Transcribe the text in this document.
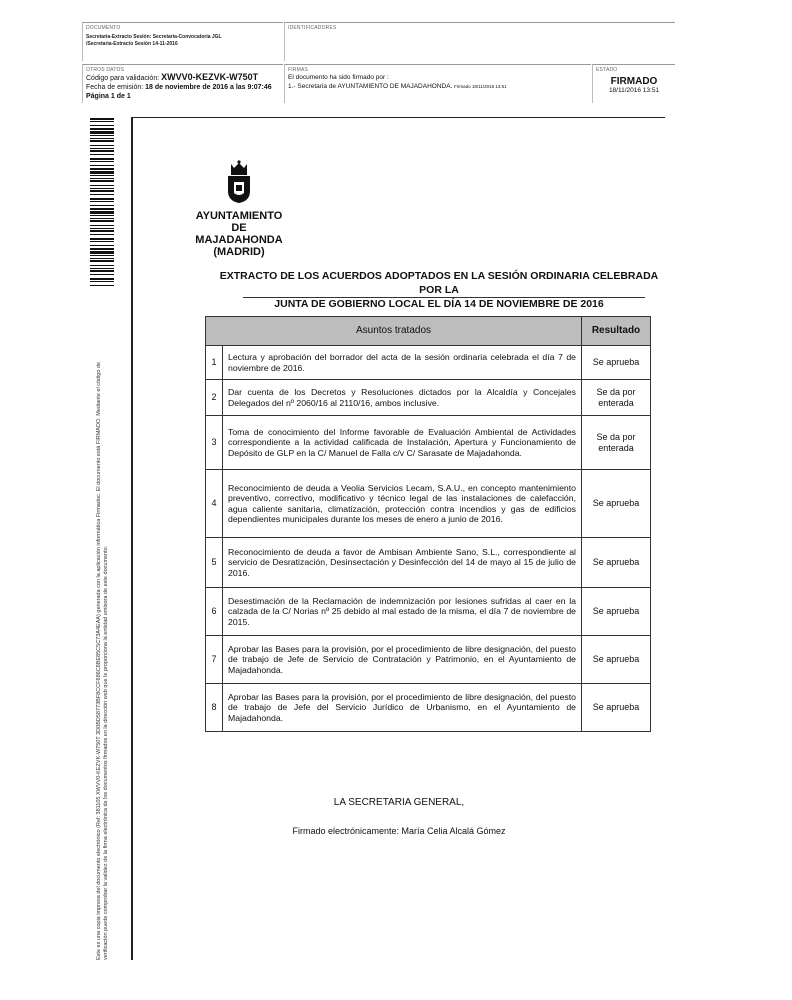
DOCUMENTO
Secretaria-Extracto Sesión: Secretaria-Convocatoria JGL /Secretaria-Extracto Sesión 14-11-2016
IDENTIFICADORES
OTROS DATOS
Código para validación: XWVV0-KEZVK-W750T
Fecha de emisión: 18 de noviembre de 2016 a las 9:07:46
Página 1 de 1
FIRMAS
El documento ha sido firmado por :
1.- Secretaria de AYUNTAMIENTO DE MAJADAHONDA. Firmado 18/11/2016 13:51
ESTADO
FIRMADO
18/11/2016 13:51
Este es una copia impresa del documento electrónico (Ref: 381105 XWVV0-KEZVK-W750T 3D0BD58773BF8CCF686C8BE85C5C73A4EAA) generada con la aplicación informática Firmadoc. El documento está FIRMADO. Mediante el código de verificación puede comprobar la validez de la firma electrónica de los documentos firmados en la dirección web que le proporciona la entidad emisora de este documento.
AYUNTAMIENTO DE
MAJADAHONDA
(MADRID)
EXTRACTO DE LOS ACUERDOS ADOPTADOS EN LA SESIÓN ORDINARIA CELEBRADA POR LA
JUNTA DE GOBIERNO LOCAL EL DÍA 14 DE NOVIEMBRE DE 2016
Asuntos tratados		Resultado
1	Lectura y aprobación del borrador del acta de la sesión ordinaria celebrada el día 7 de noviembre de 2016.	Se aprueba
2	Dar cuenta de los Decretos y Resoluciones dictados por la Alcaldía y Concejales Delegados del nº 2060/16 al 2110/16, ambos inclusive.	Se da por enterada
3	Toma de conocimiento del Informe favorable de Evaluación Ambiental de Actividades correspondiente a la actividad calificada de Instalación, Apertura y Funcionamiento de Depósito de GLP en la C/ Manuel de Falla c/v C/ Sarasate de Majadahonda.	Se da por enterada
4	Reconocimiento de deuda a Veolia Servicios Lecam, S.A.U., en concepto mantenimiento preventivo, correctivo, modificativo y técnico legal de las instalaciones de calefacción, agua caliente sanitaria, climatización, protección contra incendios y gas de edificios dependientes municipales durante los meses de enero a junio de 2016.	Se aprueba
5	Reconocimiento de deuda a favor de Ambisan Ambiente Sano, S.L., correspondiente al servicio de Desratización, Desinsectación y Desinfección del 14 de mayo al 15 de julio de 2016.	Se aprueba
6	Desestimación de la Reclamación de indemnización por lesiones sufridas al caer en la calzada de la C/ Norias nº 25 debido al mal estado de la misma, el día 7 de noviembre de 2015.	Se aprueba
7	Aprobar las Bases para la provisión, por el procedimiento de libre designación, del puesto de trabajo de Jefe de Servicio de Contratación y Patrimonio, en el Ayuntamiento de Majadahonda.	Se aprueba
8	Aprobar las Bases para la provisión, por el procedimiento de libre designación, del puesto de trabajo de Jefe del Servicio Jurídico de Urbanismo, en el Ayuntamiento de Majadahonda.	Se aprueba
LA SECRETARIA GENERAL,
Firmado electrónicamente: María Celia Alcalá Gómez
